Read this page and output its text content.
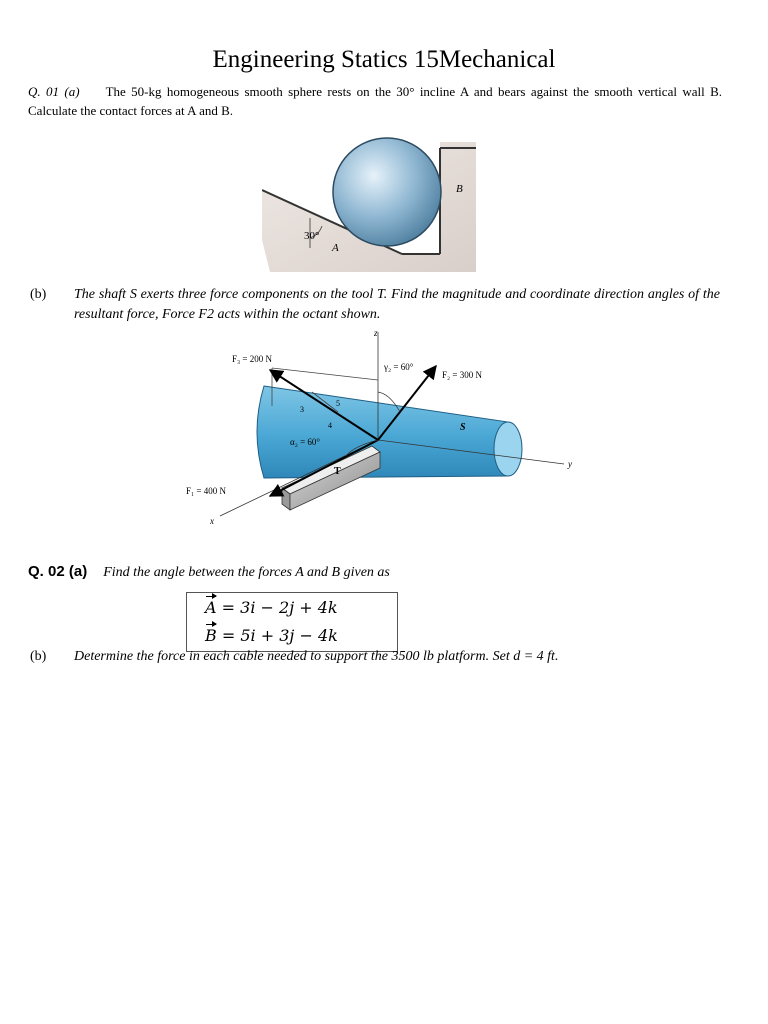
Engineering Statics 15Mechanical
Q. 01 (a) The 50-kg homogeneous smooth sphere rests on the 30° incline A and bears against the smooth vertical wall B. Calculate the contact forces at A and B.
30°
A
B
(b)	The shaft S exerts three force components on the tool T. Find the magnitude and coordinate direction angles of the resultant force, Force F2 acts within the octant shown.
z
y
x
3
5
4
T
F₃ = 200 N
γ₂ = 60°
F₂ = 300 N
α₂ = 60°
F₁ = 400 N
S
Q. 02 (a) Find the angle between the forces A and B given as
A = 3i − 2j + 4k
B = 5i + 3j − 4k
(b)	Determine the force in each cable needed to support the 3500 lb platform. Set d = 4 ft.
